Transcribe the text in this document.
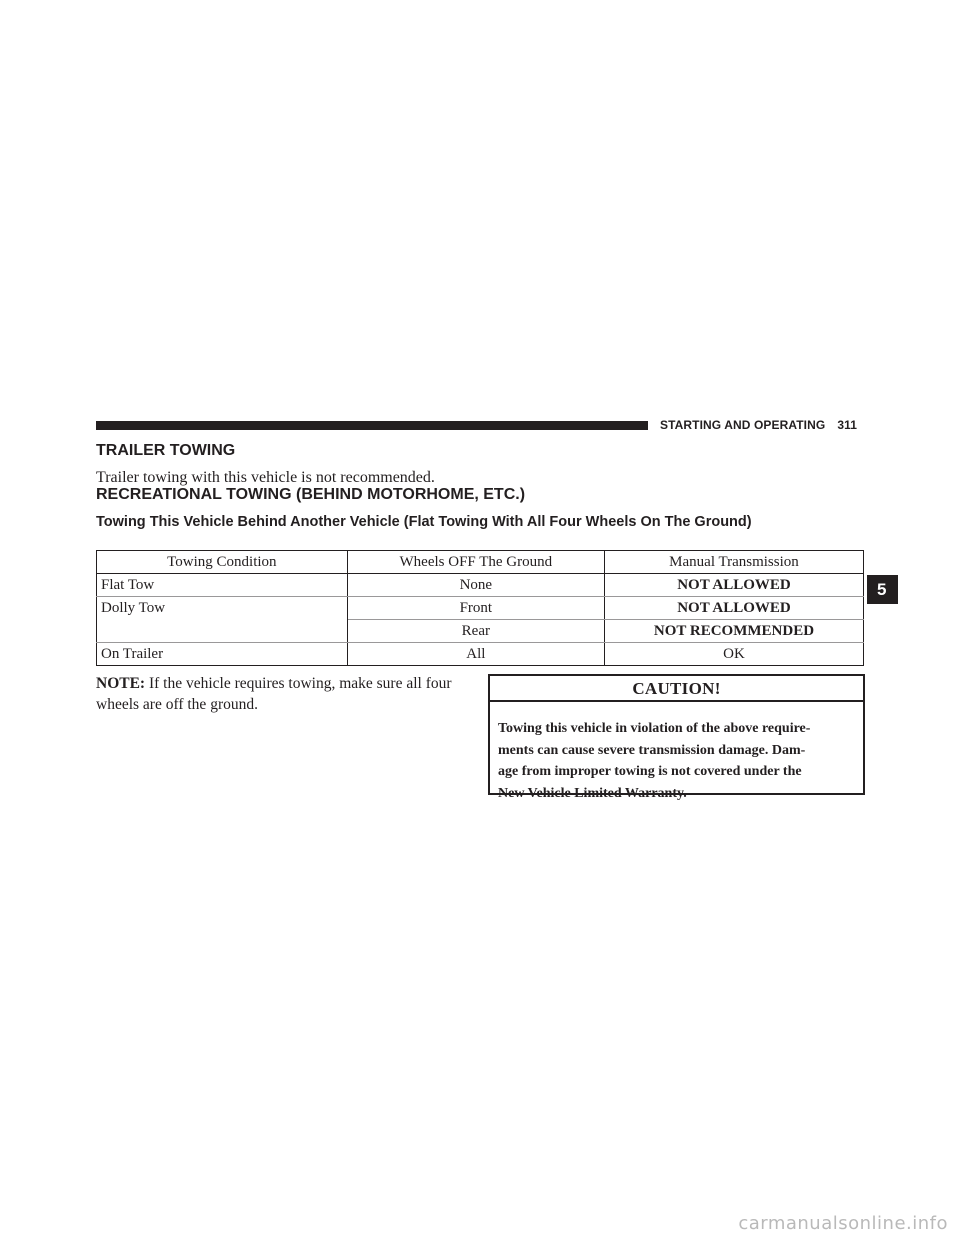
STARTING AND OPERATING 311
5
TRAILER TOWING
Trailer towing with this vehicle is not recommended.
RECREATIONAL TOWING (BEHIND MOTORHOME, ETC.)
Towing This Vehicle Behind Another Vehicle (Flat Towing With All Four Wheels On The Ground)
Towing Condition	Wheels OFF The Ground	Manual Transmission
Flat Tow	None	NOT ALLOWED
Dolly Tow	Front	NOT ALLOWED
	Rear	NOT RECOMMENDED
On Trailer	All	OK
NOTE: If the vehicle requires towing, make sure all four
wheels are off the ground.
CAUTION!
Towing this vehicle in violation of the above require-
ments can cause severe transmission damage. Dam-
age from improper towing is not covered under the
New Vehicle Limited Warranty.
carmanualsonline.info
